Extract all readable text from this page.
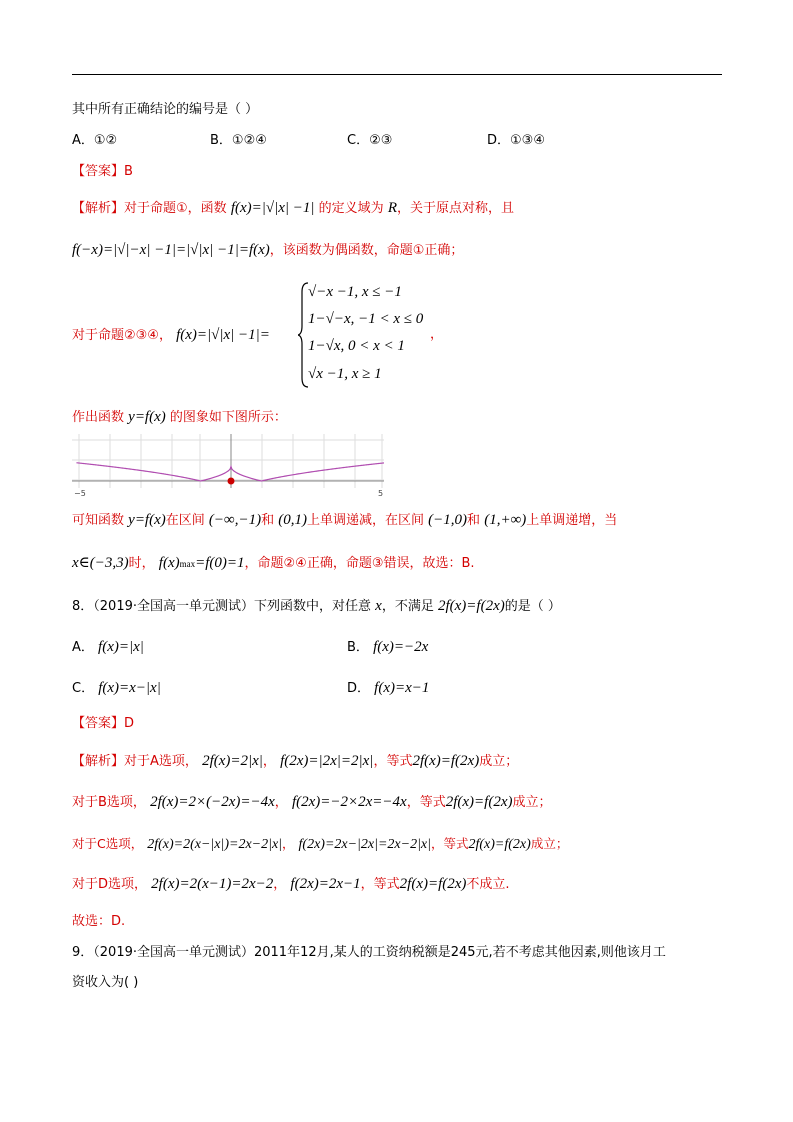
其中所有正确结论的编号是（ ）
A．①②	B．①②④	C．②③	D．①③④
【答案】B
【解析】对于命题①，函数 f(x)=|√|x| −1| 的定义域为 R，关于原点对称，且
f(−x)=|√|−x| −1|=|√|x| −1|=f(x)，该函数为偶函数，命题①正确；
对于命题②③④， f(x)=|√|x| −1|=
√−x −1, x ≤ −1
1−√−x, −1 < x ≤ 0
1−√x, 0 < x < 1
√x −1, x ≥ 1
，
作出函数 y=f(x) 的图象如下图所示：
−5	5
可知函数 y=f(x)在区间 (−∞,−1)和 (0,1)上单调递减，在区间 (−1,0)和 (1,+∞)上单调递增，当
x∈(−3,3)时， f(x)max=f(0)=1，命题②④正确，命题③错误，故选：B.
8．（2019·全国高一单元测试）下列函数中，对任意 x，不满足 2f(x)=f(2x)的是（ ）
A． f(x)=|x|	B． f(x)=−2x
C． f(x)=x−|x|	D． f(x)=x−1
【答案】D
【解析】对于A选项， 2f(x)=2|x|， f(2x)=|2x|=2|x|，等式2f(x)=f(2x)成立；
对于B选项， 2f(x)=2×(−2x)=−4x， f(2x)=−2×2x=−4x，等式2f(x)=f(2x)成立；
对于C选项， 2f(x)=2(x−|x|)=2x−2|x|， f(2x)=2x−|2x|=2x−2|x|，等式2f(x)=f(2x)成立；
对于D选项， 2f(x)=2(x−1)=2x−2， f(2x)=2x−1，等式2f(x)=f(2x)不成立.
故选：D.
9．（2019·全国高一单元测试）2011年12月,某人的工资纳税额是245元,若不考虑其他因素,则他该月工
资收入为( )
